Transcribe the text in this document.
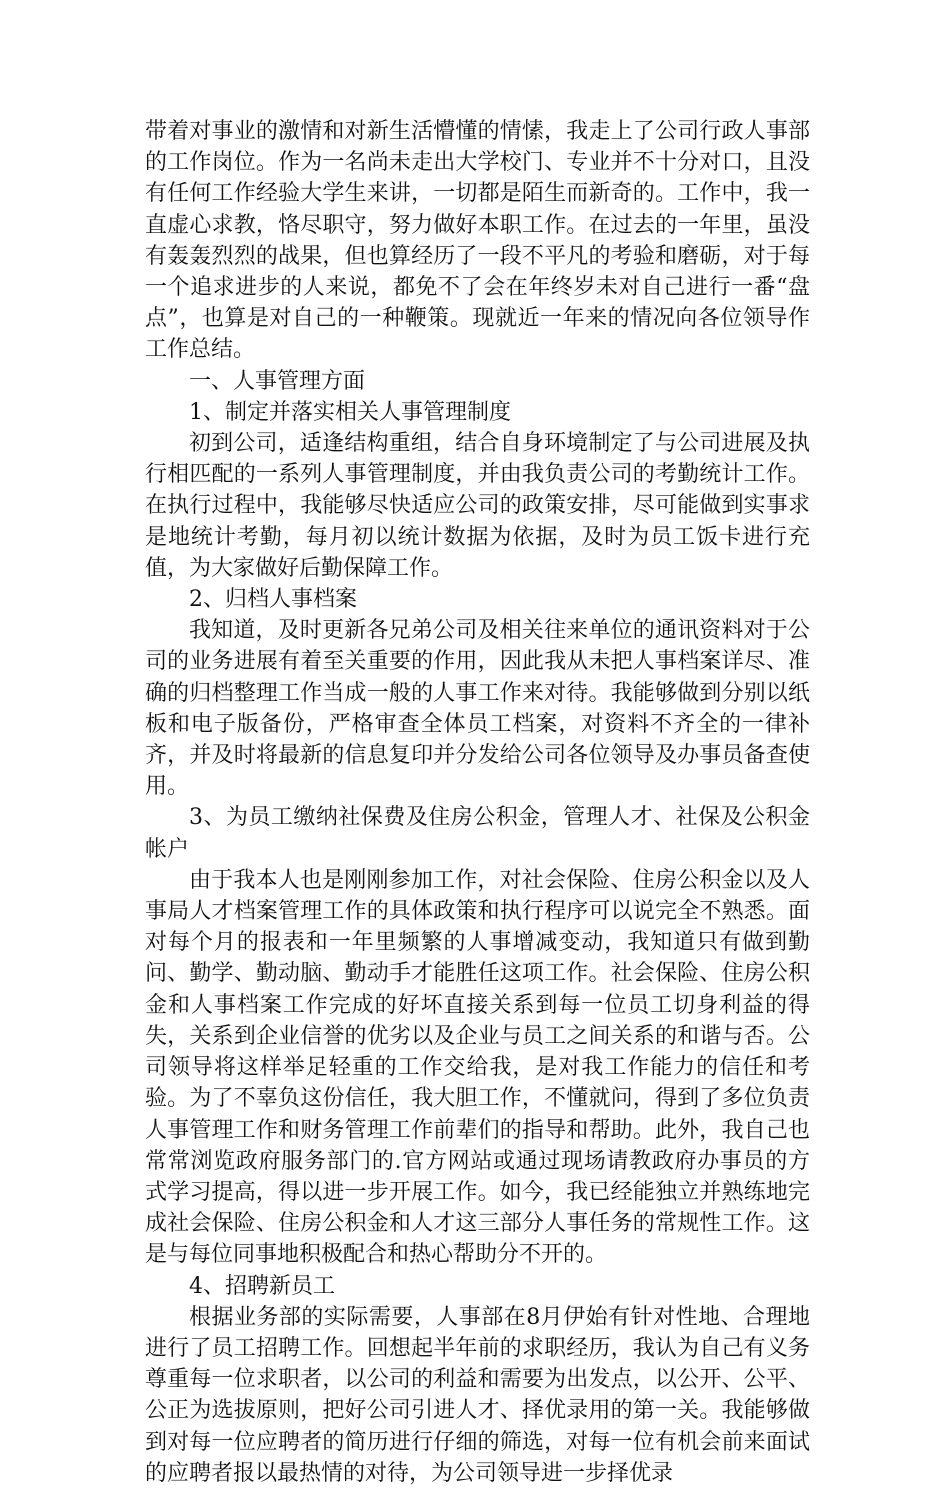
带着对事业的激情和对新生活懵懂的情愫，我走上了公司行政人事部的工作岗位。作为一名尚未走出大学校门、专业并不十分对口，且没有任何工作经验大学生来讲，一切都是陌生而新奇的。工作中，我一直虚心求教，恪尽职守，努力做好本职工作。在过去的一年里，虽没有轰轰烈烈的战果，但也算经历了一段不平凡的考验和磨砺，对于每一个追求进步的人来说，都免不了会在年终岁未对自己进行一番“盘点”，也算是对自己的一种鞭策。现就近一年来的情况向各位领导作工作总结。

一、人事管理方面

1、制定并落实相关人事管理制度

初到公司，适逢结构重组，结合自身环境制定了与公司进展及执行相匹配的一系列人事管理制度，并由我负责公司的考勤统计工作。在执行过程中，我能够尽快适应公司的政策安排，尽可能做到实事求是地统计考勤，每月初以统计数据为依据，及时为员工饭卡进行充值，为大家做好后勤保障工作。

2、归档人事档案

我知道，及时更新各兄弟公司及相关往来单位的通讯资料对于公司的业务进展有着至关重要的作用，因此我从未把人事档案详尽、准确的归档整理工作当成一般的人事工作来对待。我能够做到分别以纸板和电子版备份，严格审查全体员工档案，对资料不齐全的一律补齐，并及时将最新的信息复印并分发给公司各位领导及办事员备查使用。

3、为员工缴纳社保费及住房公积金，管理人才、社保及公积金帐户

由于我本人也是刚刚参加工作，对社会保险、住房公积金以及人事局人才档案管理工作的具体政策和执行程序可以说完全不熟悉。面对每个月的报表和一年里频繁的人事增减变动，我知道只有做到勤问、勤学、勤动脑、勤动手才能胜任这项工作。社会保险、住房公积金和人事档案工作完成的好坏直接关系到每一位员工切身利益的得失，关系到企业信誉的优劣以及企业与员工之间关系的和谐与否。公司领导将这样举足轻重的工作交给我，是对我工作能力的信任和考验。为了不辜负这份信任，我大胆工作，不懂就问，得到了多位负责人事管理工作和财务管理工作前辈们的指导和帮助。此外，我自己也常常浏览政府服务部门的.官方网站或通过现场请教政府办事员的方式学习提高，得以进一步开展工作。如今，我已经能独立并熟练地完成社会保险、住房公积金和人才这三部分人事任务的常规性工作。这是与每位同事地积极配合和热心帮助分不开的。

4、招聘新员工

根据业务部的实际需要，人事部在8月伊始有针对性地、合理地进行了员工招聘工作。回想起半年前的求职经历，我认为自己有义务尊重每一位求职者，以公司的利益和需要为出发点，以公开、公平、公正为选拔原则，把好公司引进人才、择优录用的第一关。我能够做到对每一位应聘者的简历进行仔细的筛选，对每一位有机会前来面试的应聘者报以最热情的对待，为公司领导进一步择优录
